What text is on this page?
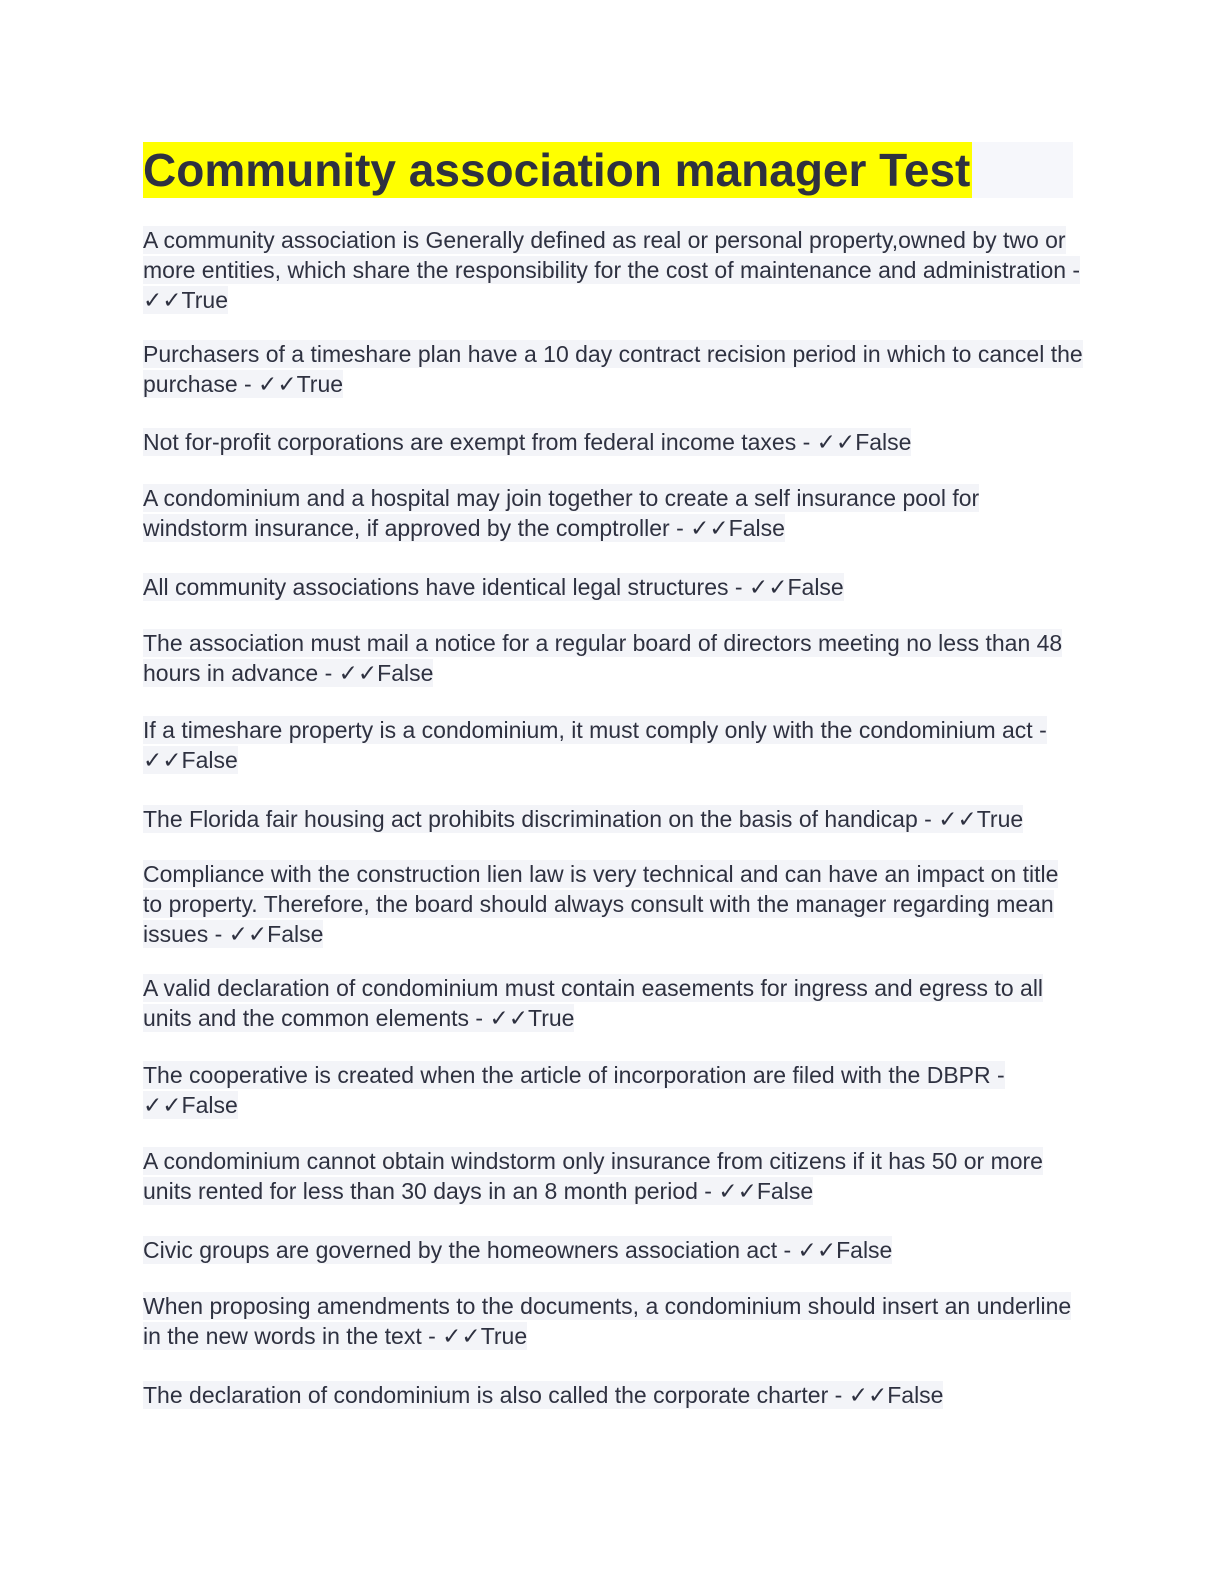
Community association manager Test

A community association is Generally defined as real or personal property,owned by two or more entities, which share the responsibility for the cost of maintenance and administration - ✓✓True

Purchasers of a timeshare plan have a 10 day contract recision period in which to cancel the purchase - ✓✓True

Not for-profit corporations are exempt from federal income taxes - ✓✓False

A condominium and a hospital may join together to create a self insurance pool for windstorm insurance, if approved by the comptroller - ✓✓False

All community associations have identical legal structures - ✓✓False

The association must mail a notice for a regular board of directors meeting no less than 48 hours in advance - ✓✓False

If a timeshare property is a condominium, it must comply only with the condominium act - ✓✓False

The Florida fair housing act prohibits discrimination on the basis of handicap - ✓✓True

Compliance with the construction lien law is very technical and can have an impact on title to property. Therefore, the board should always consult with the manager regarding mean issues - ✓✓False

A valid declaration of condominium must contain easements for ingress and egress to all units and the common elements - ✓✓True

The cooperative is created when the article of incorporation are filed with the DBPR - ✓✓False

A condominium cannot obtain windstorm only insurance from citizens if it has 50 or more units rented for less than 30 days in an 8 month period - ✓✓False

Civic groups are governed by the homeowners association act - ✓✓False

When proposing amendments to the documents, a condominium should insert an underline in the new words in the text - ✓✓True

The declaration of condominium is also called the corporate charter - ✓✓False
